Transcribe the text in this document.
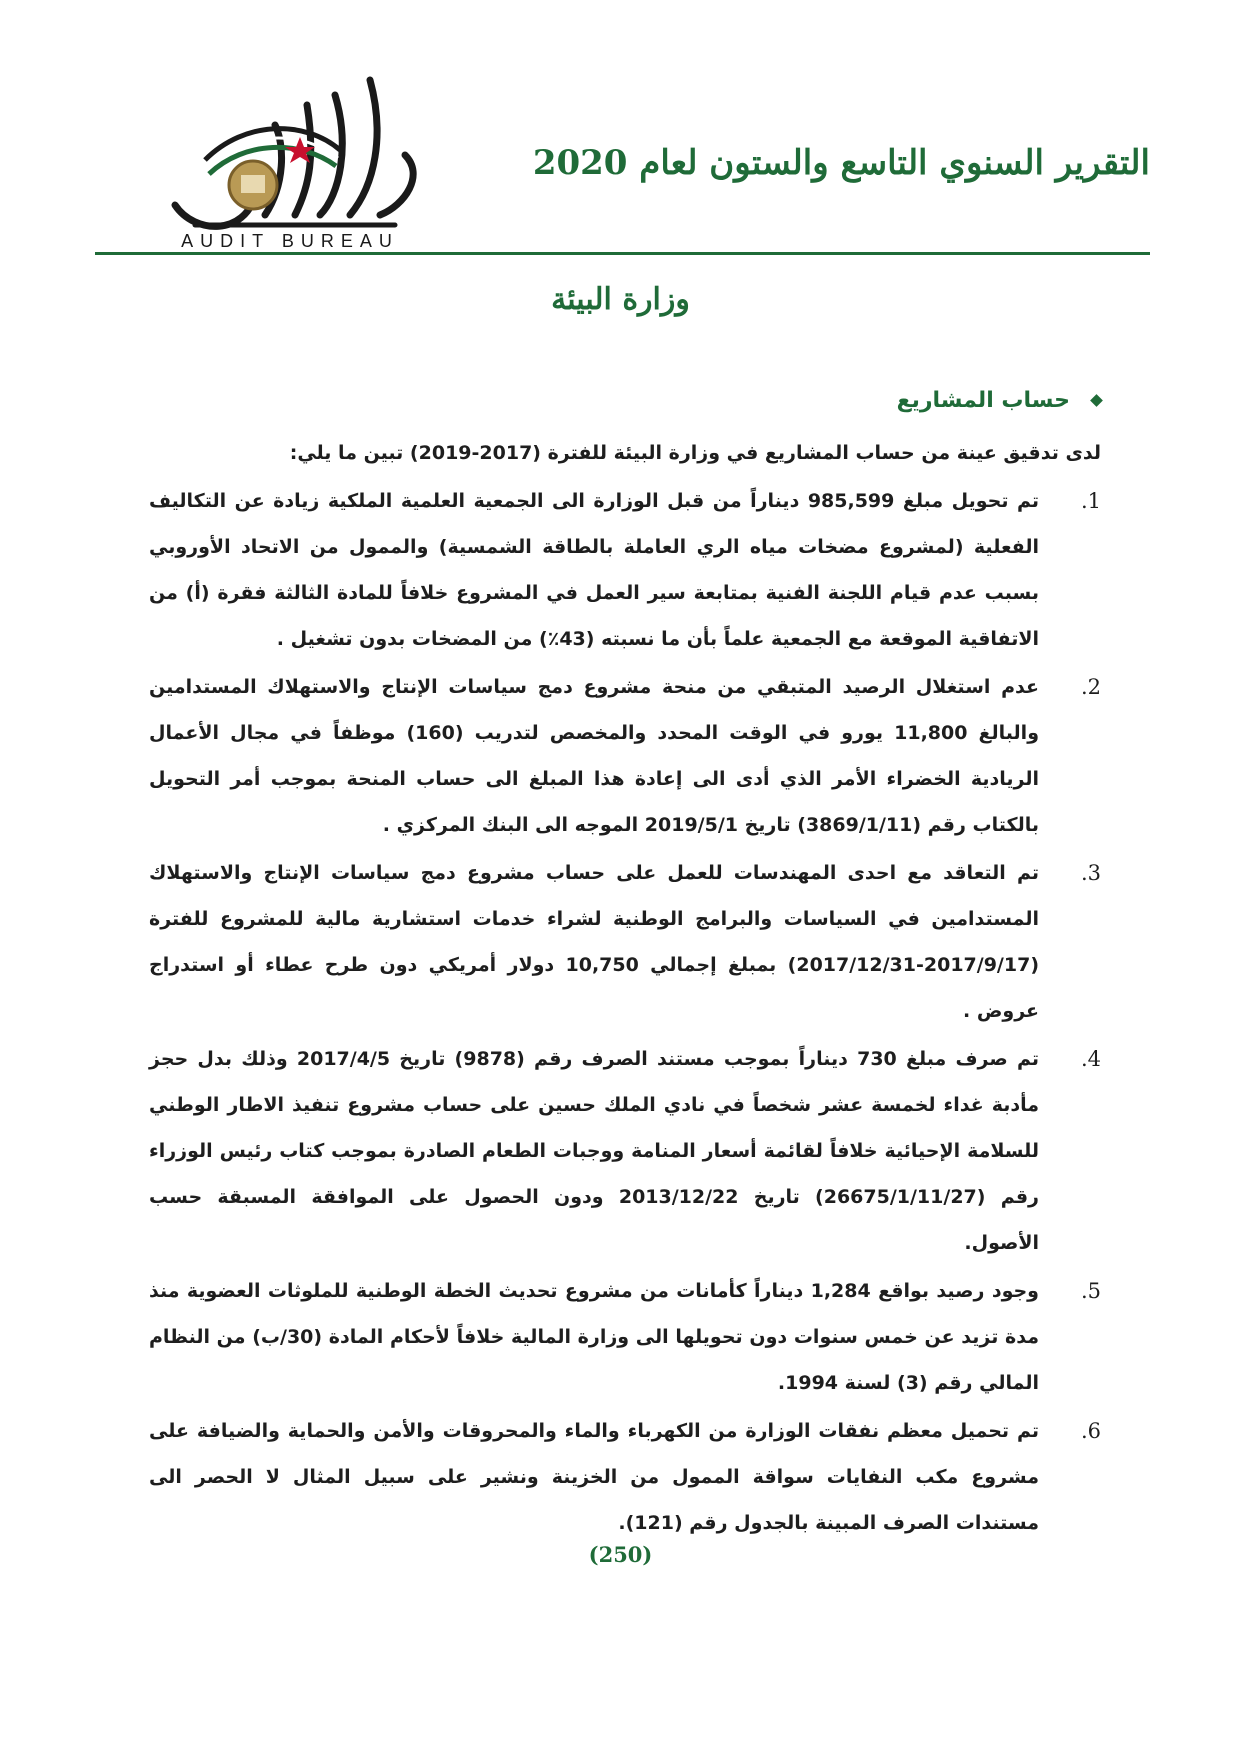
AUDIT BUREAU
التقرير السنوي التاسع والستون لعام 2020
وزارة البيئة
حساب المشاريع

لدى تدقيق عينة من حساب المشاريع في وزارة البيئة للفترة (2017-2019) تبين ما يلي:

1.
تم تحويل مبلغ 985,599 ديناراً من قبل الوزارة الى الجمعية العلمية الملكية زيادة عن التكاليف الفعلية (لمشروع مضخات مياه الري العاملة بالطاقة الشمسية) والممول من الاتحاد الأوروبي بسبب عدم قيام اللجنة الفنية بمتابعة سير العمل في المشروع خلافاً للمادة الثالثة فقرة (أ) من الاتفاقية الموقعة مع الجمعية علماً بأن ما نسبته (43٪) من المضخات بدون تشغيل .
2.
عدم استغلال الرصيد المتبقي من منحة مشروع دمج سياسات الإنتاج والاستهلاك المستدامين والبالغ 11,800 يورو في الوقت المحدد والمخصص لتدريب (160) موظفاً في مجال الأعمال الريادية الخضراء الأمر الذي أدى الى إعادة هذا المبلغ الى حساب المنحة بموجب أمر التحويل بالكتاب رقم (3869/1/11) تاريخ 2019/5/1 الموجه الى البنك المركزي .
3.
تم التعاقد مع احدى المهندسات للعمل على حساب مشروع دمج سياسات الإنتاج والاستهلاك المستدامين في السياسات والبرامج الوطنية لشراء خدمات استشارية مالية للمشروع للفترة (2017/9/17-2017/12/31) بمبلغ إجمالي 10,750 دولار أمريكي دون طرح عطاء أو استدراج عروض .
4.
تم صرف مبلغ 730 ديناراً بموجب مستند الصرف رقم (9878) تاريخ 2017/4/5 وذلك بدل حجز مأدبة غداء لخمسة عشر شخصاً في نادي الملك حسين على حساب مشروع تنفيذ الاطار الوطني للسلامة الإحيائية خلافاً لقائمة أسعار المنامة ووجبات الطعام الصادرة بموجب كتاب رئيس الوزراء رقم (26675/1/11/27) تاريخ 2013/12/22 ودون الحصول على الموافقة المسبقة حسب الأصول.
5.
وجود رصيد بواقع 1,284 ديناراً كأمانات من مشروع تحديث الخطة الوطنية للملوثات العضوية منذ مدة تزيد عن خمس سنوات دون تحويلها الى وزارة المالية خلافاً لأحكام المادة (30/ب) من النظام المالي رقم (3) لسنة 1994.
6.
تم تحميل معظم نفقات الوزارة من الكهرباء والماء والمحروقات والأمن والحماية والضيافة على مشروع مكب النفايات سواقة الممول من الخزينة ونشير على سبيل المثال لا الحصر الى مستندات الصرف المبينة بالجدول رقم (121).
(250)
